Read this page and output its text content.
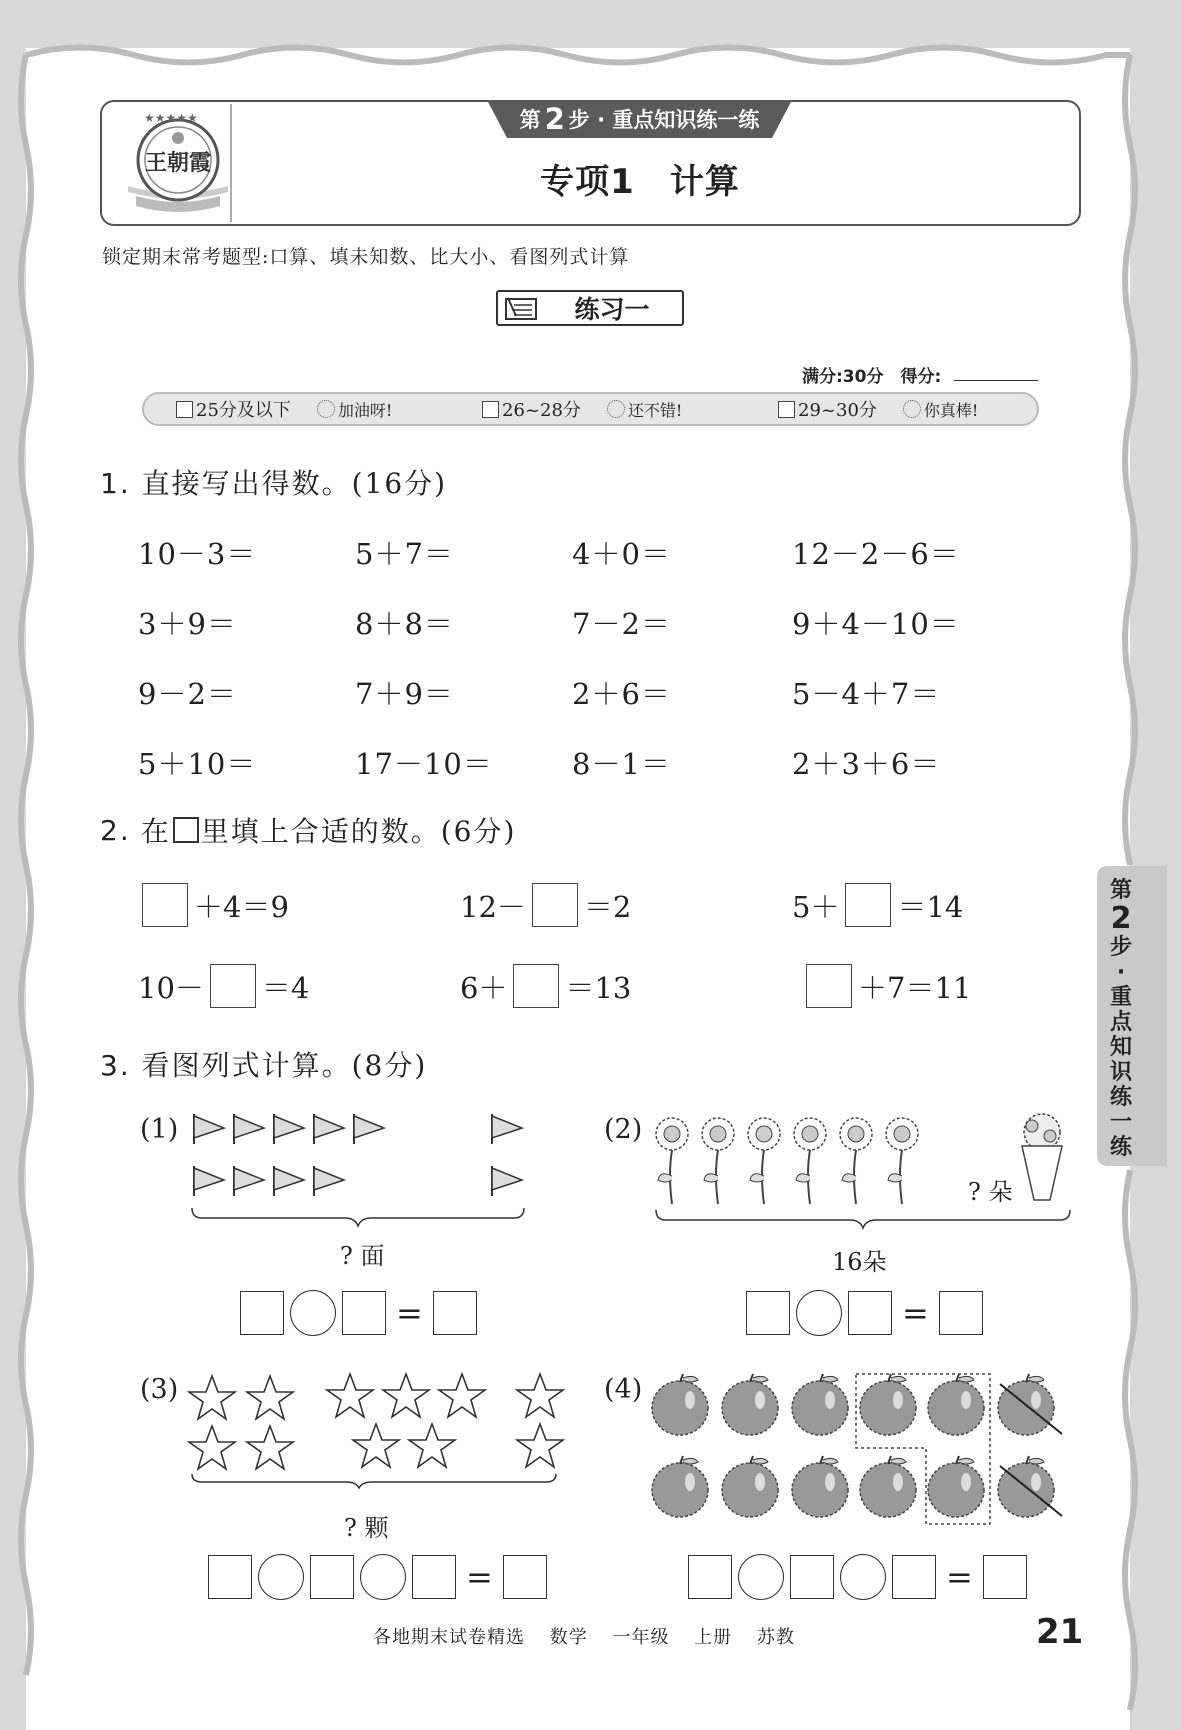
★★★★★
王朝霞
第 2 步 · 重点知识练一练
专项1　计算
锁定期末常考题型:口算、填未知数、比大小、看图列式计算
练习一
满分:30分　得分:
25分及以下	加油呀!	26~28分	还不错!	29~30分	你真棒!
1. 直接写出得数。(16分)
10－3＝	5＋7＝	4＋0＝	12－2－6＝
3＋9＝	8＋8＝	7－2＝	9＋4－10＝
9－2＝	7＋9＝	2＋6＝	5－4＋7＝
5＋10＝	17－10＝	8－1＝	2＋3＋6＝
2. 在 里填上合适的数。(6分)
＋4＝9	12－ ＝2	5＋ ＝14
10－ ＝4	6＋ ＝13	＋7＝11
3. 看图列式计算。(8分)
(1)
? 面
=
(2)
? 朵
16朵
=
(3)
? 颗
=
(4)
=
第
2
步
·
重
点
知
识
练
一
练
各地期末试卷精选 数学 一年级 上册 苏教	21
